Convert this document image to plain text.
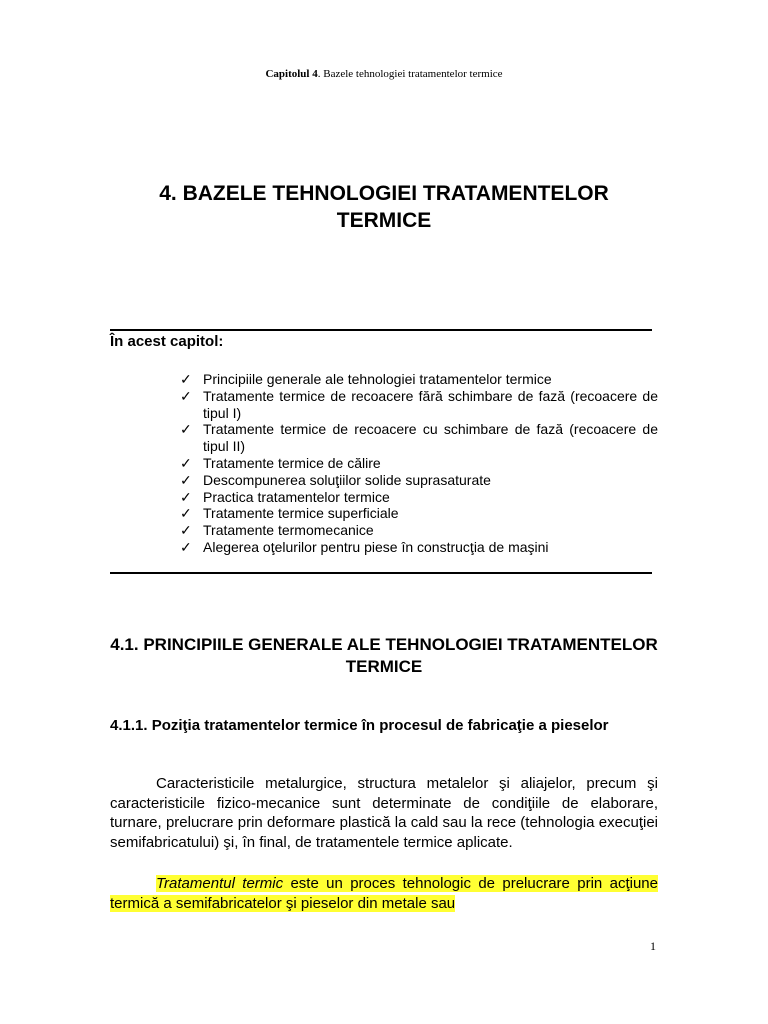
Capitolul 4. Bazele tehnologiei tratamentelor termice
4. BAZELE TEHNOLOGIEI TRATAMENTELOR TERMICE
În acest capitol:
✓ Principiile generale ale tehnologiei tratamentelor termice
✓ Tratamente termice de recoacere fără schimbare de fază (recoacere de tipul I)
✓ Tratamente termice de recoacere cu schimbare de fază (recoacere de tipul II)
✓ Tratamente termice de călire
✓ Descompunerea soluţiilor solide suprasaturate
✓ Practica tratamentelor termice
✓ Tratamente termice superficiale
✓ Tratamente termomecanice
✓ Alegerea oţelurilor pentru piese în construcţia de maşini
4.1. PRINCIPIILE GENERALE ALE TEHNOLOGIEI TRATAMENTELOR TERMICE
4.1.1. Poziţia tratamentelor termice în procesul de fabricaţie a pieselor
Caracteristicile metalurgice, structura metalelor şi aliajelor, precum şi caracteristicile fizico-mecanice sunt determinate de condiţiile de elaborare, turnare, prelucrare prin deformare plastică la cald sau la rece (tehnologia execuţiei semifabricatului) şi, în final, de tratamentele termice aplicate.
Tratamentul termic este un proces tehnologic de prelucrare prin acţiune termică a semifabricatelor şi pieselor din metale sau
1
